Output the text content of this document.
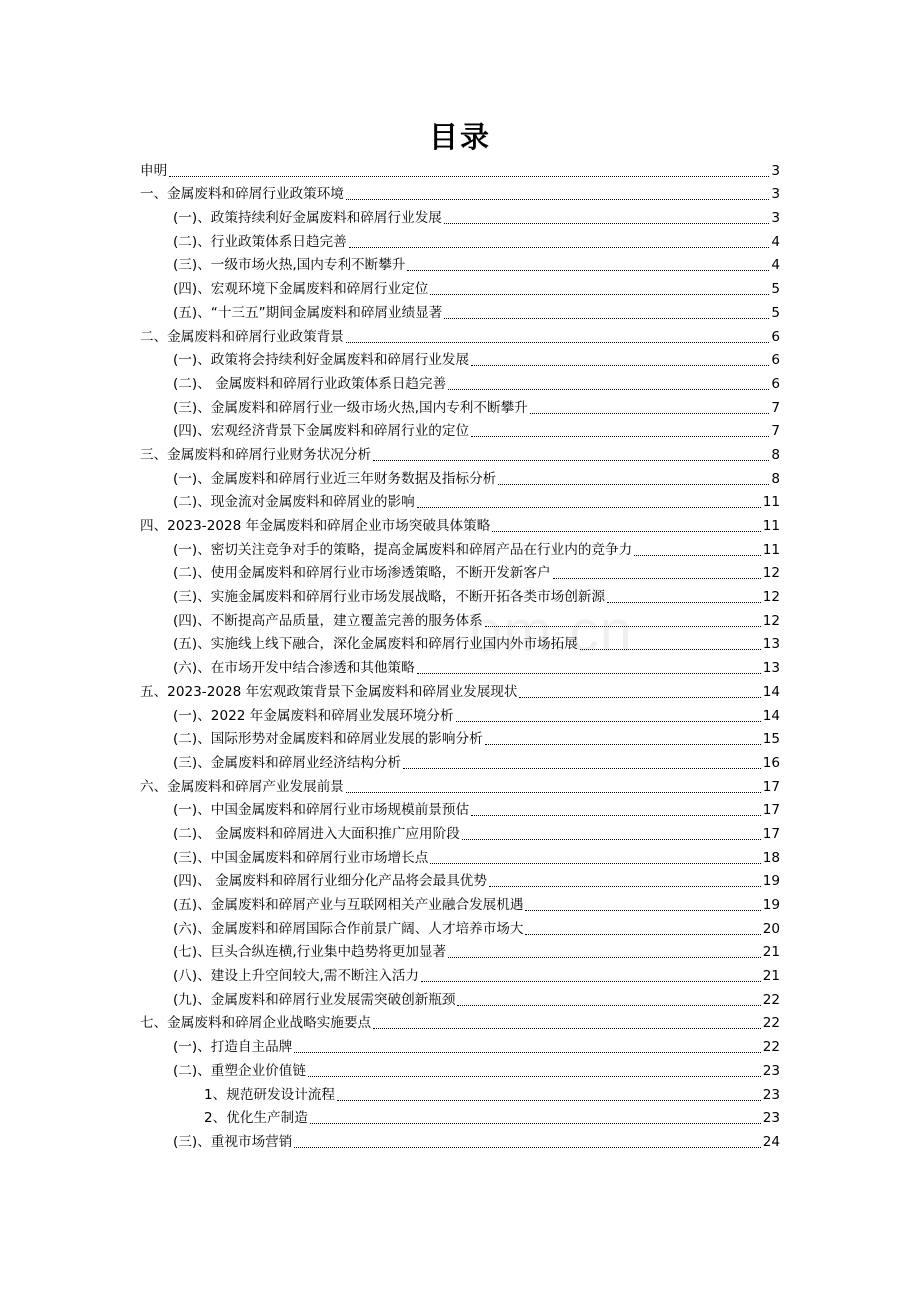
目录
om.cn
申明	3
一、金属废料和碎屑行业政策环境	3
(一)、政策持续利好金属废料和碎屑行业发展	3
(二)、行业政策体系日趋完善	4
(三)、一级市场火热,国内专利不断攀升	4
(四)、宏观环境下金属废料和碎屑行业定位	5
(五)、“十三五”期间金属废料和碎屑业绩显著	5
二、金属废料和碎屑行业政策背景	6
(一)、政策将会持续利好金属废料和碎屑行业发展	6
(二)、 金属废料和碎屑行业政策体系日趋完善	6
(三)、金属废料和碎屑行业一级市场火热,国内专利不断攀升	7
(四)、宏观经济背景下金属废料和碎屑行业的定位	7
三、金属废料和碎屑行业财务状况分析	8
(一)、金属废料和碎屑行业近三年财务数据及指标分析	8
(二)、现金流对金属废料和碎屑业的影响	11
四、2023-2028 年金属废料和碎屑企业市场突破具体策略	11
(一)、密切关注竞争对手的策略，提高金属废料和碎屑产品在行业内的竞争力	11
(二)、使用金属废料和碎屑行业市场渗透策略，不断开发新客户	12
(三)、实施金属废料和碎屑行业市场发展战略，不断开拓各类市场创新源	12
(四)、不断提高产品质量，建立覆盖完善的服务体系	12
(五)、实施线上线下融合，深化金属废料和碎屑行业国内外市场拓展	13
(六)、在市场开发中结合渗透和其他策略	13
五、2023-2028 年宏观政策背景下金属废料和碎屑业发展现状	14
(一)、2022 年金属废料和碎屑业发展环境分析	14
(二)、国际形势对金属废料和碎屑业发展的影响分析	15
(三)、金属废料和碎屑业经济结构分析	16
六、金属废料和碎屑产业发展前景	17
(一)、中国金属废料和碎屑行业市场规模前景预估	17
(二)、 金属废料和碎屑进入大面积推广应用阶段	17
(三)、中国金属废料和碎屑行业市场增长点	18
(四)、 金属废料和碎屑行业细分化产品将会最具优势	19
(五)、金属废料和碎屑产业与互联网相关产业融合发展机遇	19
(六)、金属废料和碎屑国际合作前景广阔、人才培养市场大	20
(七)、巨头合纵连横,行业集中趋势将更加显著	21
(八)、建设上升空间较大,需不断注入活力	21
(九)、金属废料和碎屑行业发展需突破创新瓶颈	22
七、金属废料和碎屑企业战略实施要点	22
(一)、打造自主品牌	22
(二)、重塑企业价值链	23
1、规范研发设计流程	23
2、优化生产制造	23
(三)、重视市场营销	24
